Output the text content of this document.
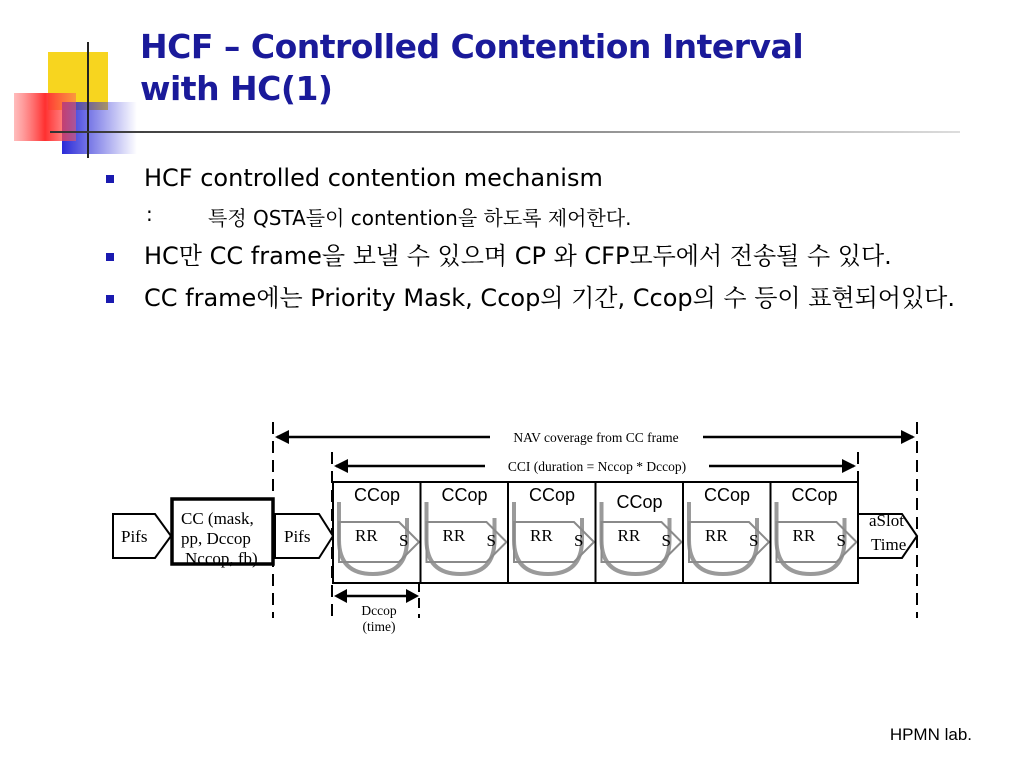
HCF – Controlled Contention Interval
with HC(1)
HCF controlled contention mechanism
:	특정 QSTA들이 contention을 하도록 제어한다.
HC만 CC frame을 보낼 수 있으며 CP 와 CFP모두에서 전송될 수 있다.
CC frame에는 Priority Mask, Ccop의 기간, Ccop의 수 등이 표현되어있다.
NAV coverage from CC frame
CCI (duration = Nccop * Dccop)
Pifs
CC (mask,
pp, Dccop
Nccop, fb)
Pifs
CCop
RR S
CCop
RR S
CCop
RR S
CCop
RR S
CCop
RR S
CCop
RR S
aSlot
Time
Dccop
(time)
HPMN lab.
